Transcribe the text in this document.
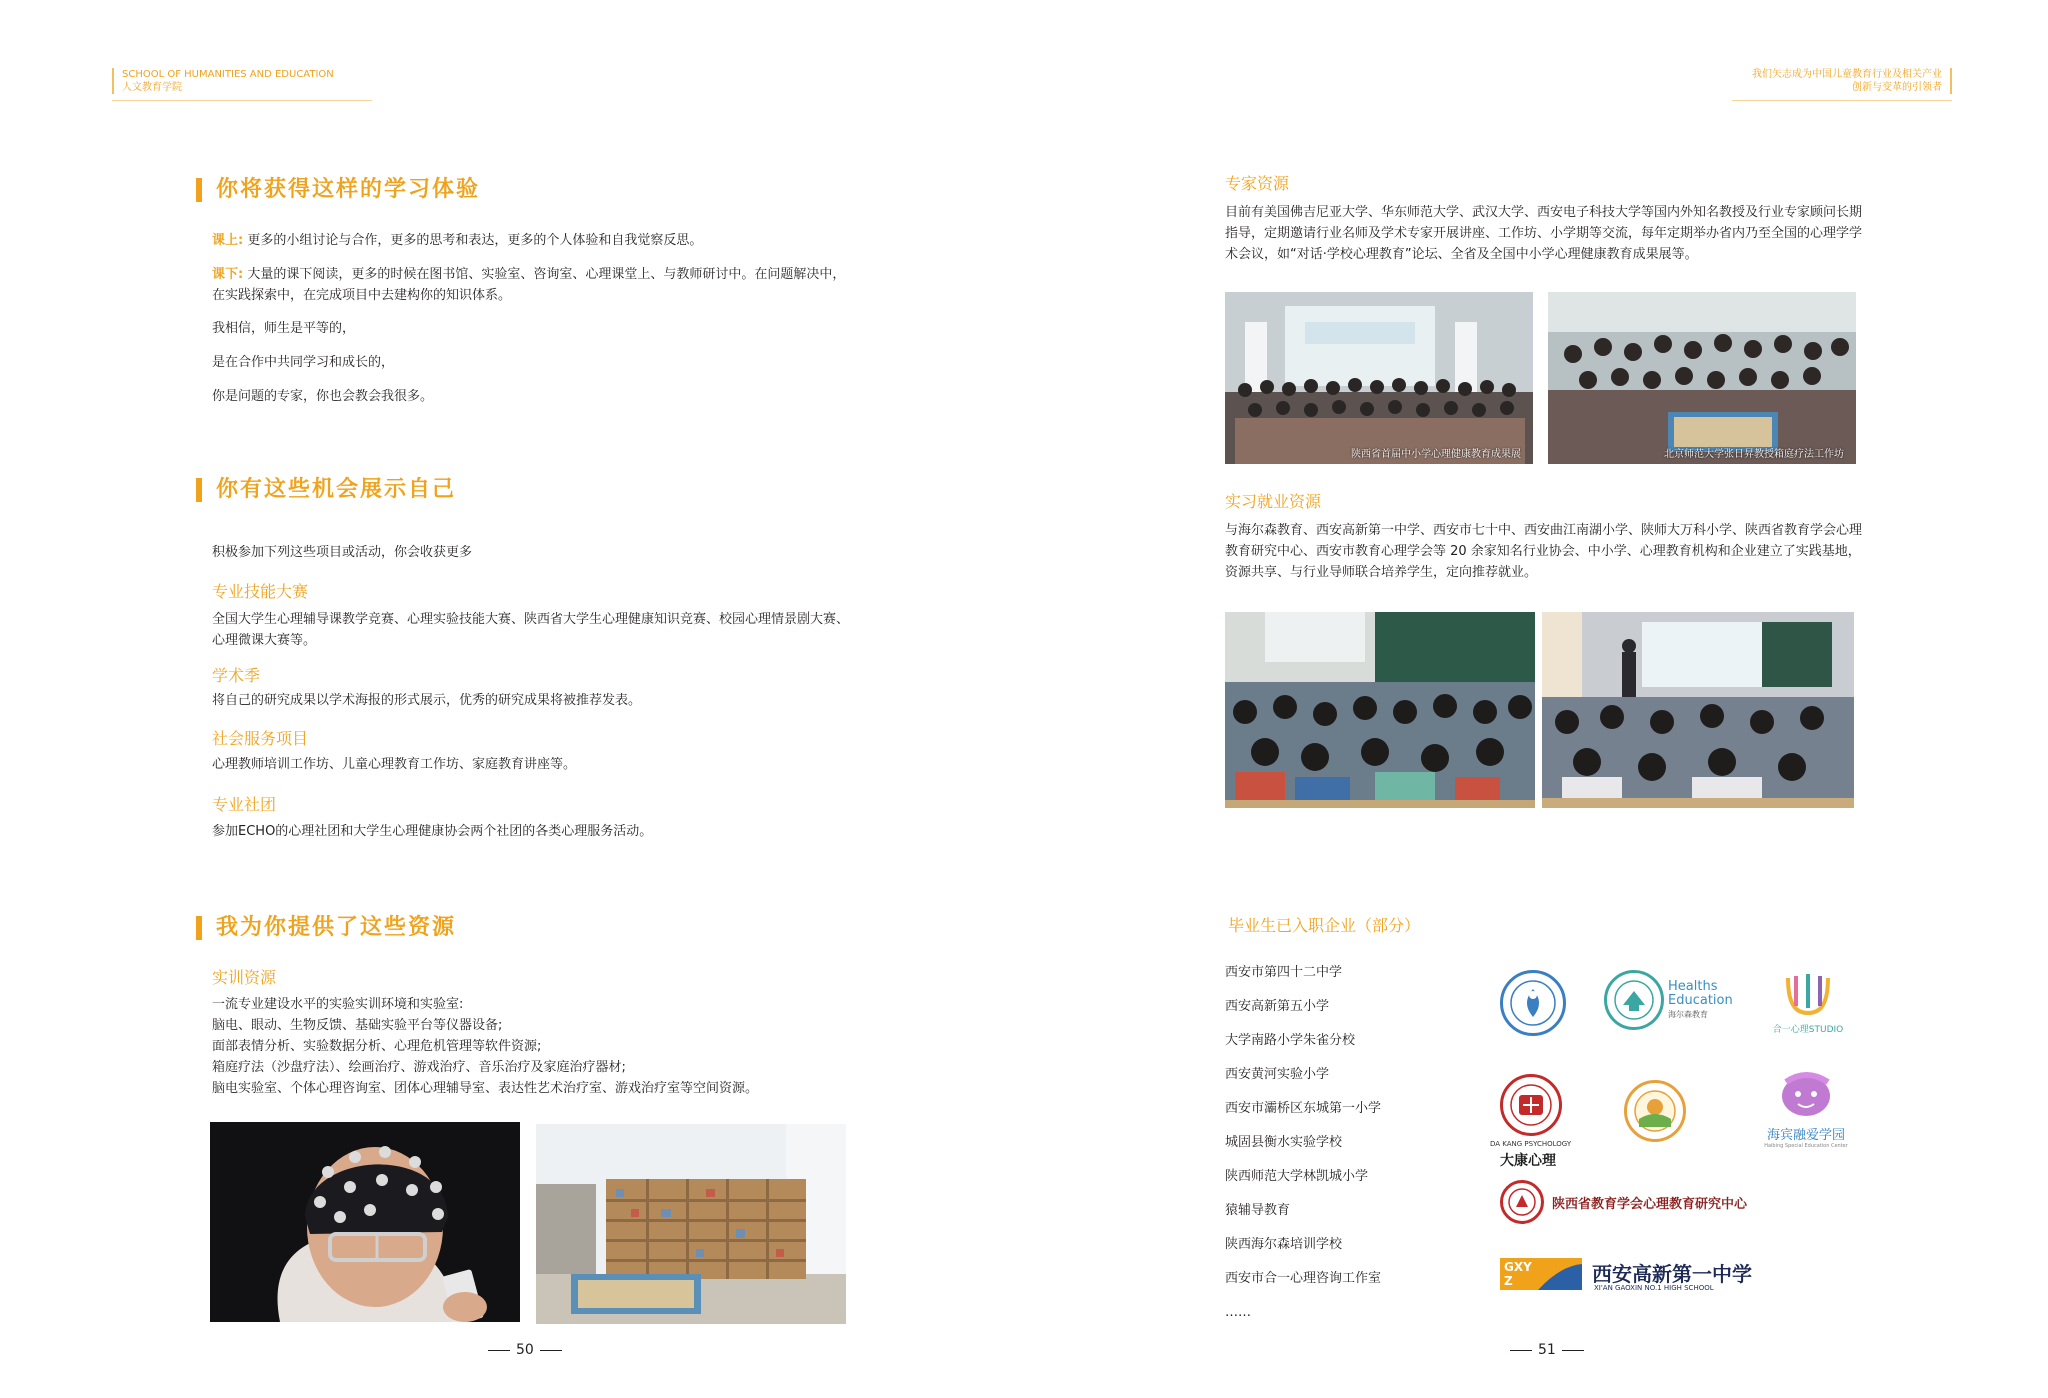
SCHOOL OF HUMANITIES AND EDUCATION
人文教育学院
我们矢志成为中国儿童教育行业及相关产业
创新与变革的引领者
你将获得这样的学习体验
课上: 更多的小组讨论与合作，更多的思考和表达，更多的个人体验和自我觉察反思。
课下: 大量的课下阅读，更多的时候在图书馆、实验室、咨询室、心理课堂上、与教师研讨中。在问题解决中，在实践探索中，在完成项目中去建构你的知识体系。
我相信，师生是平等的，
是在合作中共同学习和成长的，
你是问题的专家，你也会教会我很多。
你有这些机会展示自己
积极参加下列这些项目或活动，你会收获更多
专业技能大赛
全国大学生心理辅导课教学竞赛、心理实验技能大赛、陕西省大学生心理健康知识竞赛、校园心理情景剧大赛、心理微课大赛等。
学术季
将自己的研究成果以学术海报的形式展示，优秀的研究成果将被推荐发表。
社会服务项目
心理教师培训工作坊、儿童心理教育工作坊、家庭教育讲座等。
专业社团
参加ECHO的心理社团和大学生心理健康协会两个社团的各类心理服务活动。
我为你提供了这些资源
实训资源
一流专业建设水平的实验实训环境和实验室:
脑电、眼动、生物反馈、基础实验平台等仪器设备;
面部表情分析、实验数据分析、心理危机管理等软件资源;
箱庭疗法（沙盘疗法）、绘画治疗、游戏治疗、音乐治疗及家庭治疗器材;
脑电实验室、个体心理咨询室、团体心理辅导室、表达性艺术治疗室、游戏治疗室等空间资源。
50
专家资源
目前有美国佛吉尼亚大学、华东师范大学、武汉大学、西安电子科技大学等国内外知名教授及行业专家顾问长期指导，定期邀请行业名师及学术专家开展讲座、工作坊、小学期等交流，每年定期举办省内乃至全国的心理学学术会议，如“对话·学校心理教育”论坛、全省及全国中小学心理健康教育成果展等。
陕西省首届中小学心理健康教育成果展	北京师范大学张日昇教授箱庭疗法工作坊
实习就业资源
与海尔森教育、西安高新第一中学、西安市七十中、西安曲江南湖小学、陕师大万科小学、陕西省教育学会心理教育研究中心、西安市教育心理学会等 20 余家知名行业协会、中小学、心理教育机构和企业建立了实践基地，资源共享、与行业导师联合培养学生，定向推荐就业。
毕业生已入职企业（部分）
西安市第四十二中学
西安高新第五小学
大学南路小学朱雀分校
西安黄河实验小学
西安市灞桥区东城第一小学
城固县衡水实验学校
陕西师范大学林凯城小学
猿辅导教育
陕西海尔森培训学校
西安市合一心理咨询工作室
……
Healths
Education
海尔森教育
合一心理STUDIO
DA KANG PSYCHOLOGY
大康心理
海宾融爱学园
Haibing Special Education Center
陕西省教育学会心理教育研究中心
GXYZ	西安高新第一中学
XI'AN GAOXIN NO.1 HIGH SCHOOL
51
